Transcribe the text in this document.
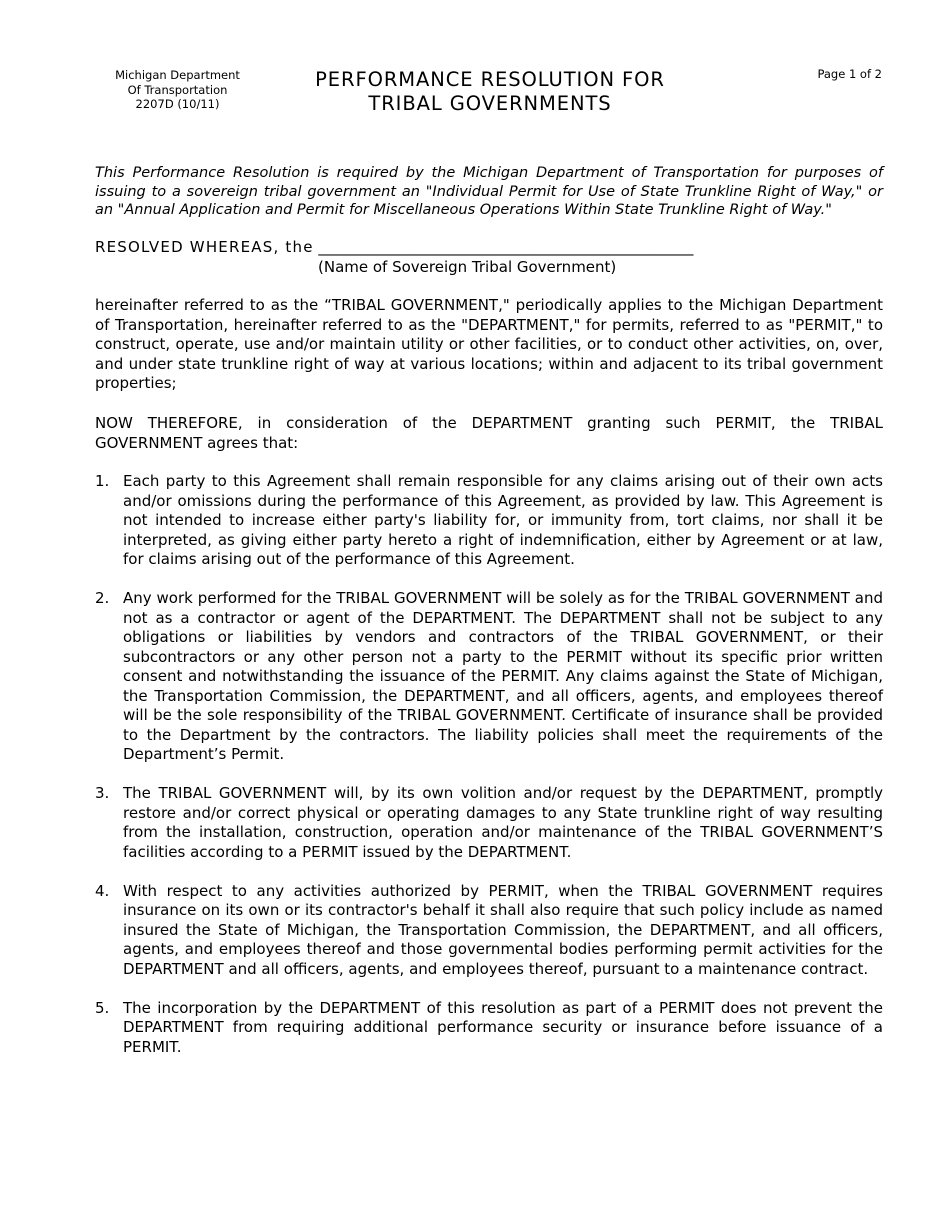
Michigan Department
Of Transportation
2207D (10/11)
PERFORMANCE RESOLUTION FOR
TRIBAL GOVERNMENTS
Page 1 of 2
This Performance Resolution is required by the Michigan Department of Transportation for purposes of issuing to a sovereign tribal government an "Individual Permit for Use of State Trunkline Right of Way," or an "Annual Application and Permit for Miscellaneous Operations Within State Trunkline Right of Way."
RESOLVED WHEREAS, the __________________________________________________
(Name of Sovereign Tribal Government)
hereinafter referred to as the “TRIBAL GOVERNMENT," periodically applies to the Michigan Department of Transportation, hereinafter referred to as the "DEPARTMENT," for permits, referred to as "PERMIT," to construct, operate, use and/or maintain utility or other facilities, or to conduct other activities, on, over, and under state trunkline right of way at various locations; within and adjacent to its tribal government properties;
NOW THEREFORE, in consideration of the DEPARTMENT granting such PERMIT, the TRIBAL GOVERNMENT agrees that:
1. Each party to this Agreement shall remain responsible for any claims arising out of their own acts and/or omissions during the performance of this Agreement, as provided by law. This Agreement is not intended to increase either party's liability for, or immunity from, tort claims, nor shall it be interpreted, as giving either party hereto a right of indemnification, either by Agreement or at law, for claims arising out of the performance of this Agreement.
2. Any work performed for the TRIBAL GOVERNMENT will be solely as for the TRIBAL GOVERNMENT and not as a contractor or agent of the DEPARTMENT. The DEPARTMENT shall not be subject to any obligations or liabilities by vendors and contractors of the TRIBAL GOVERNMENT, or their subcontractors or any other person not a party to the PERMIT without its specific prior written consent and notwithstanding the issuance of the PERMIT. Any claims against the State of Michigan, the Transportation Commission, the DEPARTMENT, and all officers, agents, and employees thereof will be the sole responsibility of the TRIBAL GOVERNMENT. Certificate of insurance shall be provided to the Department by the contractors. The liability policies shall meet the requirements of the Department’s Permit.
3. The TRIBAL GOVERNMENT will, by its own volition and/or request by the DEPARTMENT, promptly restore and/or correct physical or operating damages to any State trunkline right of way resulting from the installation, construction, operation and/or maintenance of the TRIBAL GOVERNMENT’S facilities according to a PERMIT issued by the DEPARTMENT.
4. With respect to any activities authorized by PERMIT, when the TRIBAL GOVERNMENT requires insurance on its own or its contractor's behalf it shall also require that such policy include as named insured the State of Michigan, the Transportation Commission, the DEPARTMENT, and all officers, agents, and employees thereof and those governmental bodies performing permit activities for the DEPARTMENT and all officers, agents, and employees thereof, pursuant to a maintenance contract.
5. The incorporation by the DEPARTMENT of this resolution as part of a PERMIT does not prevent the DEPARTMENT from requiring additional performance security or insurance before issuance of a PERMIT.
